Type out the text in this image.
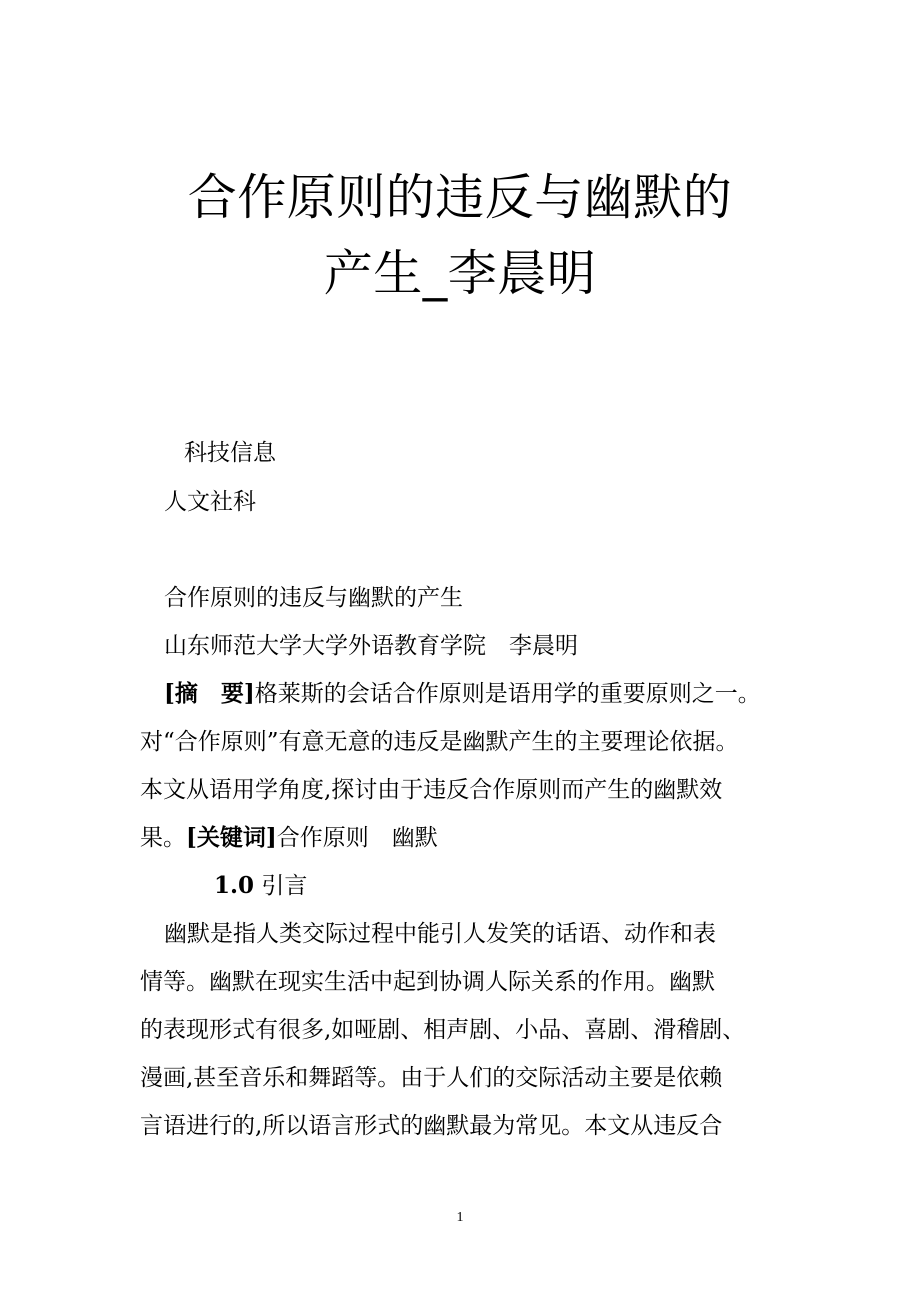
合作原则的违反与幽默的
产生_李晨明
科技信息
人文社科
合作原则的违反与幽默的产生
山东师范大学大学外语教育学院　李晨明
[摘　要]格莱斯的会话合作原则是语用学的重要原则之一。
对“合作原则”有意无意的违反是幽默产生的主要理论依据。
本文从语用学角度,探讨由于违反合作原则而产生的幽默效
果。[关键词]合作原则　幽默
1.0 引言
幽默是指人类交际过程中能引人发笑的话语、动作和表
情等。幽默在现实生活中起到协调人际关系的作用。幽默
的表现形式有很多,如哑剧、相声剧、小品、喜剧、滑稽剧、
漫画,甚至音乐和舞蹈等。由于人们的交际活动主要是依赖
言语进行的,所以语言形式的幽默最为常见。本文从违反合
1
